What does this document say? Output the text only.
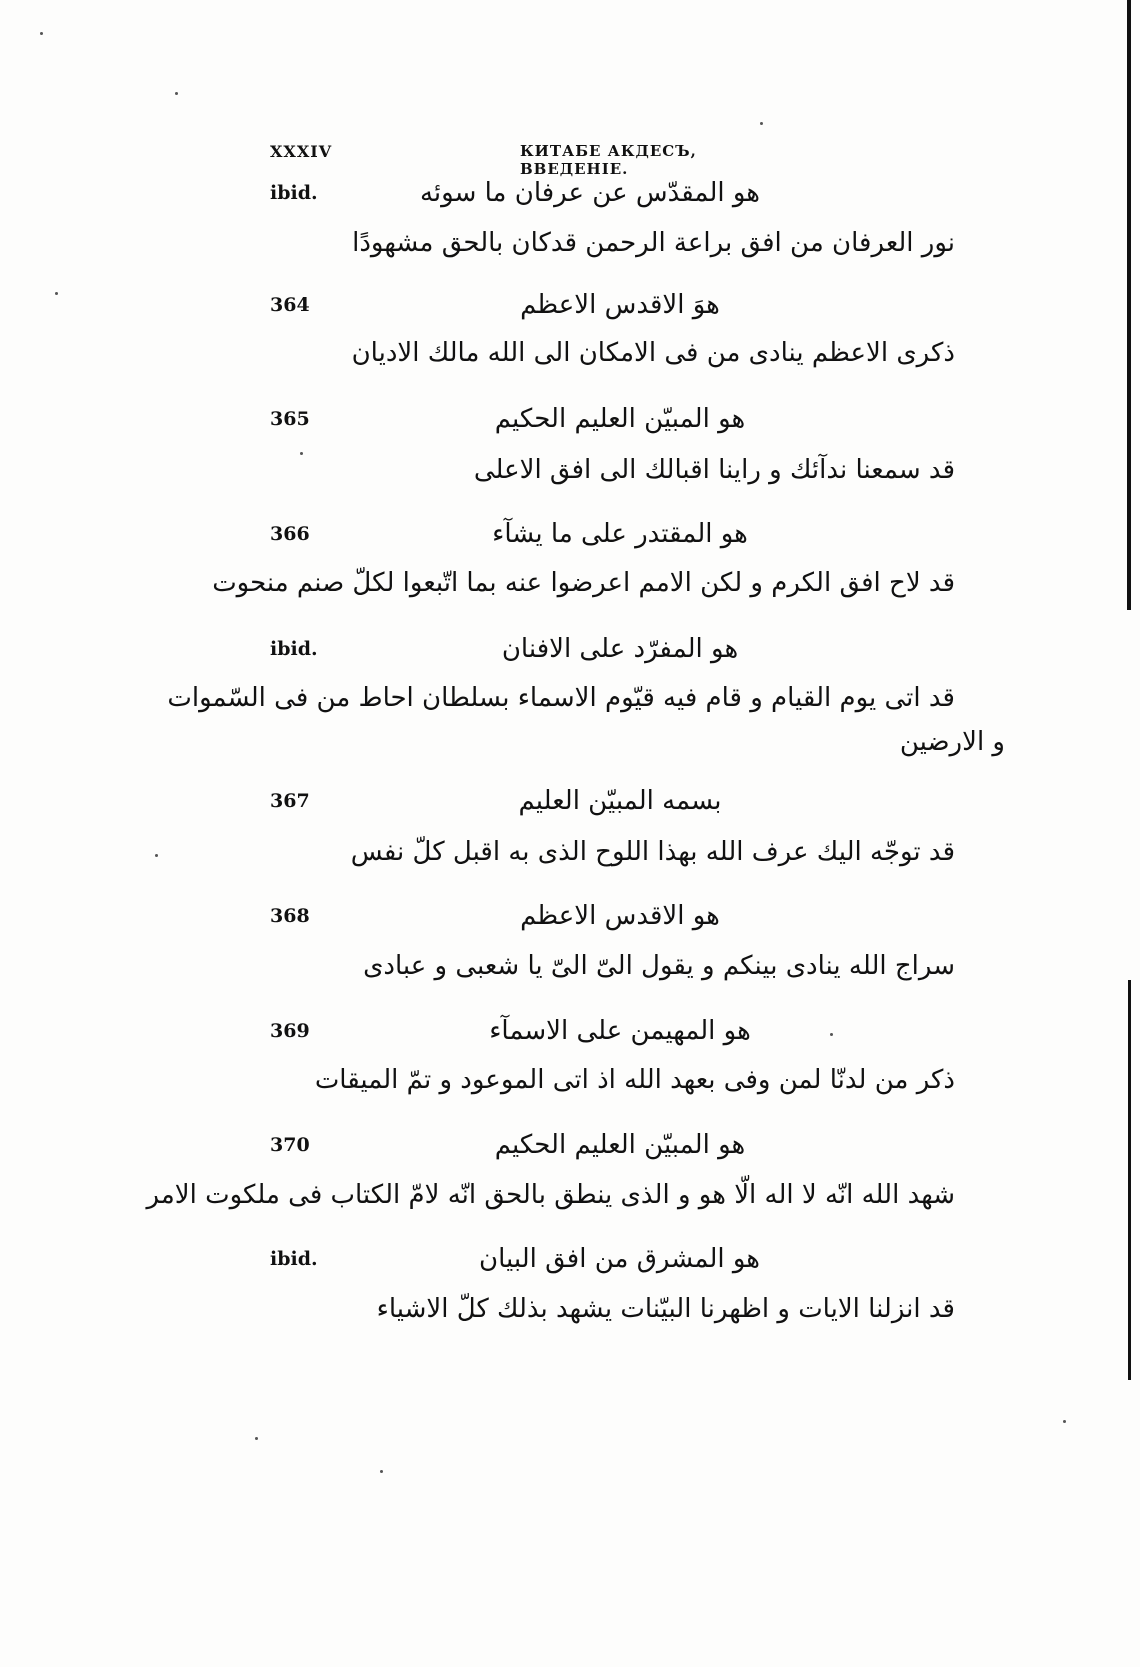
XXXIV	КИТАБЕ АКДЕСЪ, ВВЕДЕНІЕ.
ibid.	هو المقدّس عن عرفان ما سوئه
نور العرفان من افق براعة الرحمن قدكان بالحق مشهودًا
364	هوَ الاقدس الاعظم
ذکری الاعظم ینادی من فی الامکان الی الله مالك الادیان
365	هو المبيّن العليم الحكيم
قد سمعنا ندآئك و راينا اقبالك الى افق الاعلى
366	هو المقتدر على ما يشآء
قد لاح افق الكرم و لكن الامم اعرضوا عنه بما اتّبعوا لكلّ صنم منحوت
ibid.	هو المفرّد على الافنان
قد اتى يوم القيام و قام فيه قيّوم الاسماء بسلطان احاط من فى السّموات
و الارضين
367	بسمه المبيّن العليم
قد توجّه اليك عرف الله بهذا اللوح الذى به اقبل كلّ نفس
368	هو الاقدس الاعظم
سراج الله ينادى بينكم و يقول الىّ الىّ يا شعبى و عبادى
369	هو المهيمن على الاسمآء
ذكر من لدنّا لمن وفى بعهد الله اذ اتى الموعود و تمّ الميقات
370	هو المبيّن العليم الحكيم
شهد الله انّه لا اله الّا هو و الذى ينطق بالحق انّه لامّ الكتاب فى ملكوت الامر
ibid.	هو المشرق من افق البيان
قد انزلنا الايات و اظهرنا البيّنات يشهد بذلك كلّ الاشياء
